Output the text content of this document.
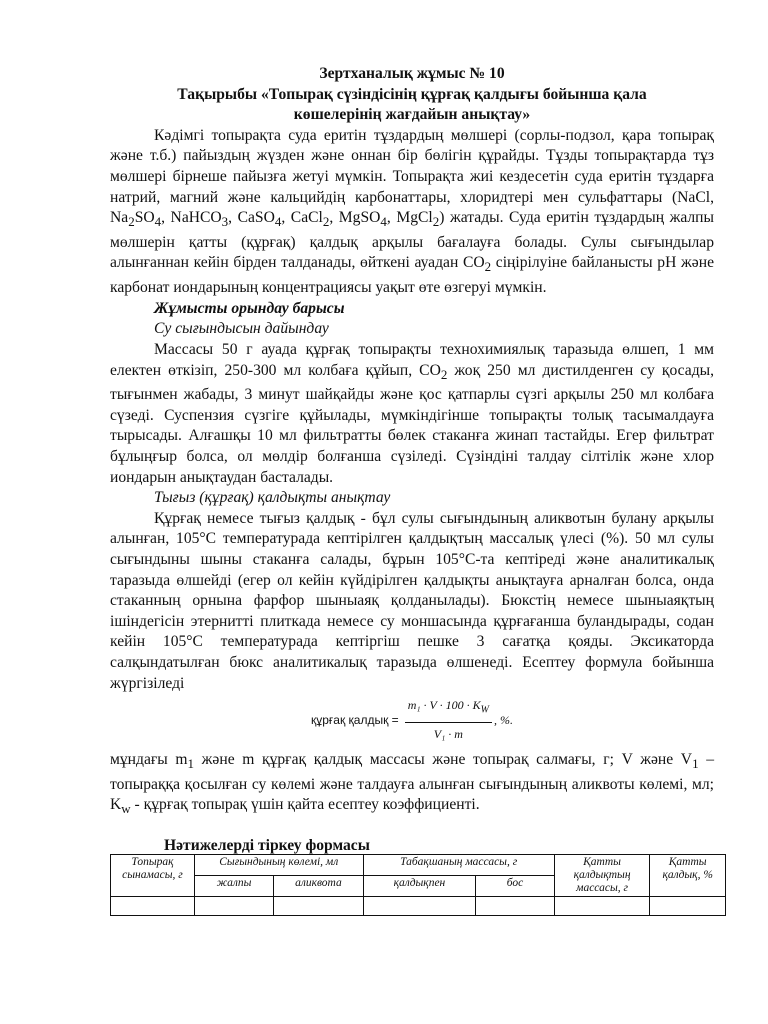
Зертханалық жұмыс № 10
Тақырыбы «Топырақ сүзіндісінің құрғақ қалдығы бойынша қала
көшелерінің жағдайын анықтау»

Кәдімгі топырақта суда еритін тұздардың мөлшері (сорлы-подзол, қара топырақ және т.б.) пайыздың жүзден және оннан бір бөлігін құрайды. Тұзды топырақтарда тұз мөлшері бірнеше пайызға жетуі мүмкін. Топырақта жиі кездесетін суда еритін тұздарға натрий, магний және кальцийдің карбонаттары, хлоридтері мен сульфаттары (NaCl, $Na_2SO_4$, NaHCO$_3$, CaSO$_4$, CaCl$_2$, MgSO$_4$, MgCl$_2$) жатады. Суда еритін тұздардың жалпы мөлшерін қатты (құрғақ) қалдық арқылы бағалауға болады. Сулы сығындылар алынғаннан кейін бірден талданады, өйткені ауадан $CO_2$ сіңірілуіне байланысты pH және карбонат иондарының концентрациясы уақыт өте өзгеруі мүмкін.

Жұмысты орындау барысы
Су сығындысын дайындау

Массасы 50 г ауада құрғақ топырақты технохимиялық таразыда өлшеп, 1 мм електен өткізіп, 250-300 мл колбаға құйып, $CO_2$ жоқ 250 мл дистилденген су қосады, тығынмен жабады, 3 минут шайқайды және қос қатпарлы сүзгі арқылы 250 мл колбаға сүзеді. Суспензия сүзгіге құйылады, мүмкіндігінше топырақты толық тасымалдауға тырысады. Алғашқы 10 мл фильтратты бөлек стаканға жинап тастайды. Егер фильтрат бұлыңғыр болса, ол мөлдір болғанша сүзіледі. Сүзіндіні талдау сілтілік және хлор иондарын анықтаудан басталады.

Тығыз (құрғақ) қалдықты анықтау

Құрғақ немесе тығыз қалдық - бұл сулы сығындының аликвотын булану арқылы алынған, 105°С температурада кептірілген қалдықтың массалық үлесі (%). 50 мл сулы сығындыны шыны стаканға салады, бұрын 105°С-та кептіреді және аналитикалық таразыда өлшейді (егер ол кейін күйдірілген қалдықты анықтауға арналған болса, онда стаканның орнына фарфор шыныаяқ қолданылады). Бюкстің немесе шыныаяқтың ішіндегісін этернитті плиткада немесе су моншасында құрғағанша буландырады, содан кейін 105°С температурада кептіргіш пешке 3 сағатқа қояды. Эксикаторда салқындатылған бюкс аналитикалық таразыда өлшенеді. Есептеу формула бойынша жүргізіледі

құрғақ қалдық = $\frac{m_1 \cdot V \cdot 100 \cdot K_W}{\text{V₁ · m}}$ , %.

мұндағы $m_1$ және m құрғақ қалдық массасы және топырақ салмағы, г; V және $V_1$ – топыраққа қосылған су көлемі және талдауға алынған сығындының аликвоты көлемі, мл; $K_w$ - құрғақ топырақ үшін қайта есептеу коэффициенті.

Нәтижелерді тіркеу формасы
Топырақ сынамасы, г	Сығындының көлемі, мл		Табақшаның массасы, г		Қатты қалдықтың массасы, г	Қатты қалдық, %
	жалпы	аликвота	қалдықпен	бос		
